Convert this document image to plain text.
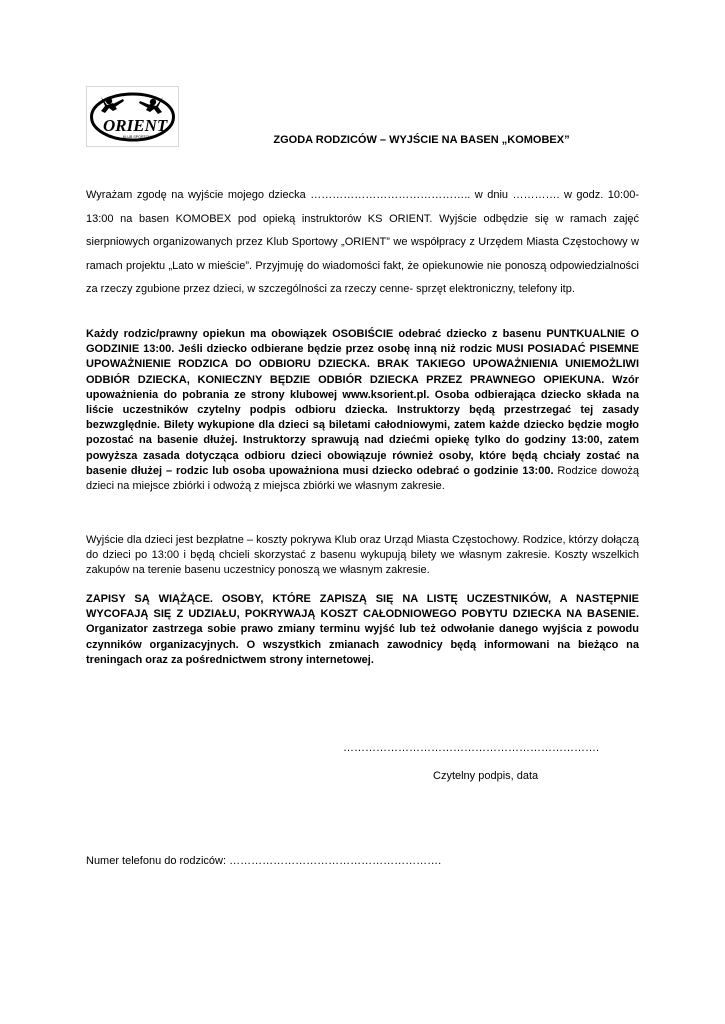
ORIENT
KLUB SPORTOWY	ZGODA RODZICÓW – WYJŚCIE NA BASEN „KOMOBEX”
Wyrażam zgodę na wyjście mojego dziecka …………………………………….. w dniu …………. w godz. 10:00-13:00 na basen KOMOBEX pod opieką instruktorów KS ORIENT. Wyjście odbędzie się w ramach zajęć sierpniowych organizowanych przez Klub Sportowy „ORIENT” we współpracy z Urzędem Miasta Częstochowy w ramach projektu „Lato w mieście”. Przyjmuję do wiadomości fakt, że opiekunowie nie ponoszą odpowiedzialności za rzeczy zgubione przez dzieci, w szczególności za rzeczy cenne- sprzęt elektroniczny, telefony itp.
Każdy rodzic/prawny opiekun ma obowiązek OSOBIŚCIE odebrać dziecko z basenu PUNTKUALNIE O GODZINIE 13:00. Jeśli dziecko odbierane będzie przez osobę inną niż rodzic MUSI POSIADAĆ PISEMNE UPOWAŻNIENIE RODZICA DO ODBIORU DZIECKA. BRAK TAKIEGO UPOWAŻNIENIA UNIEMOŻLIWI ODBIÓR DZIECKA, KONIECZNY BĘDZIE ODBIÓR DZIECKA PRZEZ PRAWNEGO OPIEKUNA. Wzór upoważnienia do pobrania ze strony klubowej www.ksorient.pl. Osoba odbierająca dziecko składa na liście uczestników czytelny podpis odbioru dziecka. Instruktorzy będą przestrzegać tej zasady bezwzględnie. Bilety wykupione dla dzieci są biletami całodniowymi, zatem każde dziecko będzie mogło pozostać na basenie dłużej. Instruktorzy sprawują nad dziećmi opiekę tylko do godziny 13:00, zatem powyższa zasada dotycząca odbioru dzieci obowiązuje również osoby, które będą chciały zostać na basenie dłużej – rodzic lub osoba upoważniona musi dziecko odebrać o godzinie 13:00. Rodzice dowożą dzieci na miejsce zbiórki i odwożą z miejsca zbiórki we własnym zakresie.
Wyjście dla dzieci jest bezpłatne – koszty pokrywa Klub oraz Urząd Miasta Częstochowy. Rodzice, którzy dołączą do dzieci po 13:00 i będą chcieli skorzystać z basenu wykupują bilety we własnym zakresie. Koszty wszelkich zakupów na terenie basenu uczestnicy ponoszą we własnym zakresie.
ZAPISY SĄ WIĄŻĄCE. OSOBY, KTÓRE ZAPISZĄ SIĘ NA LISTĘ UCZESTNIKÓW, A NASTĘPNIE WYCOFAJĄ SIĘ Z UDZIAŁU, POKRYWAJĄ KOSZT CAŁODNIOWEGO POBYTU DZIECKA NA BASENIE. Organizator zastrzega sobie prawo zmiany terminu wyjść lub też odwołanie danego wyjścia z powodu czynników organizacyjnych. O wszystkich zmianach zawodnicy będą informowani na bieżąco na treningach oraz za pośrednictwem strony internetowej.
…………………………………………………………….
Czytelny podpis, data
Numer telefonu do rodziców: ………………………………………………….
